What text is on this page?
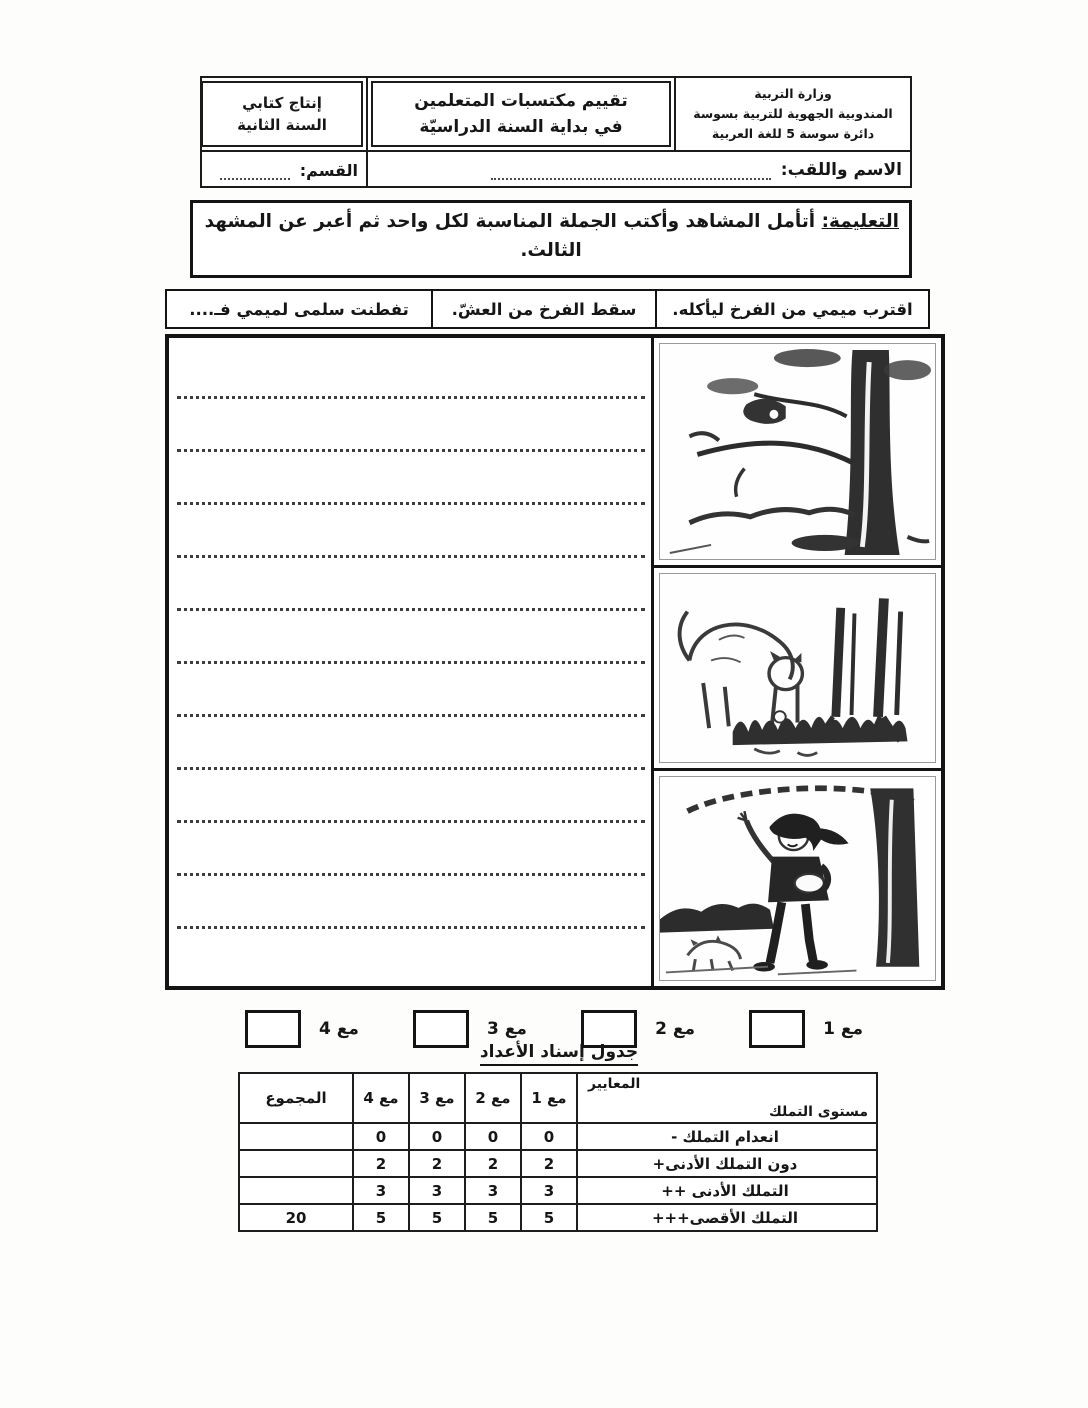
وزارة التربية
المندوبية الجهوية للتربية بسوسة
دائرة سوسة 5 للغة العربية
تقييم مكتسبات المتعلمين
في بداية السنة الدراسيّة
إنتاج كتابي
السنة الثانية
الاسم واللقب:
القسم:
التعليمة: أتأمل المشاهد وأكتب الجملة المناسبة لكل واحد ثم أعبر عن المشهد
الثالث.
اقترب ميمي من الفرخ ليأكله.
سقط الفرخ من العشّ.
تفطنت سلمى لميمي فـ....
مع 1
مع 2
مع 3
مع 4
جدول إسناد الأعداد
المعايير
مستوى التملك	مع 1	مع 2	مع 3	مع 4	المجموع
انعدام التملك -	0	0	0	0	
دون التملك الأدنى+	2	2	2	2	
التملك الأدنى ++	3	3	3	3	
التملك الأقصى+++	5	5	5	5	20
